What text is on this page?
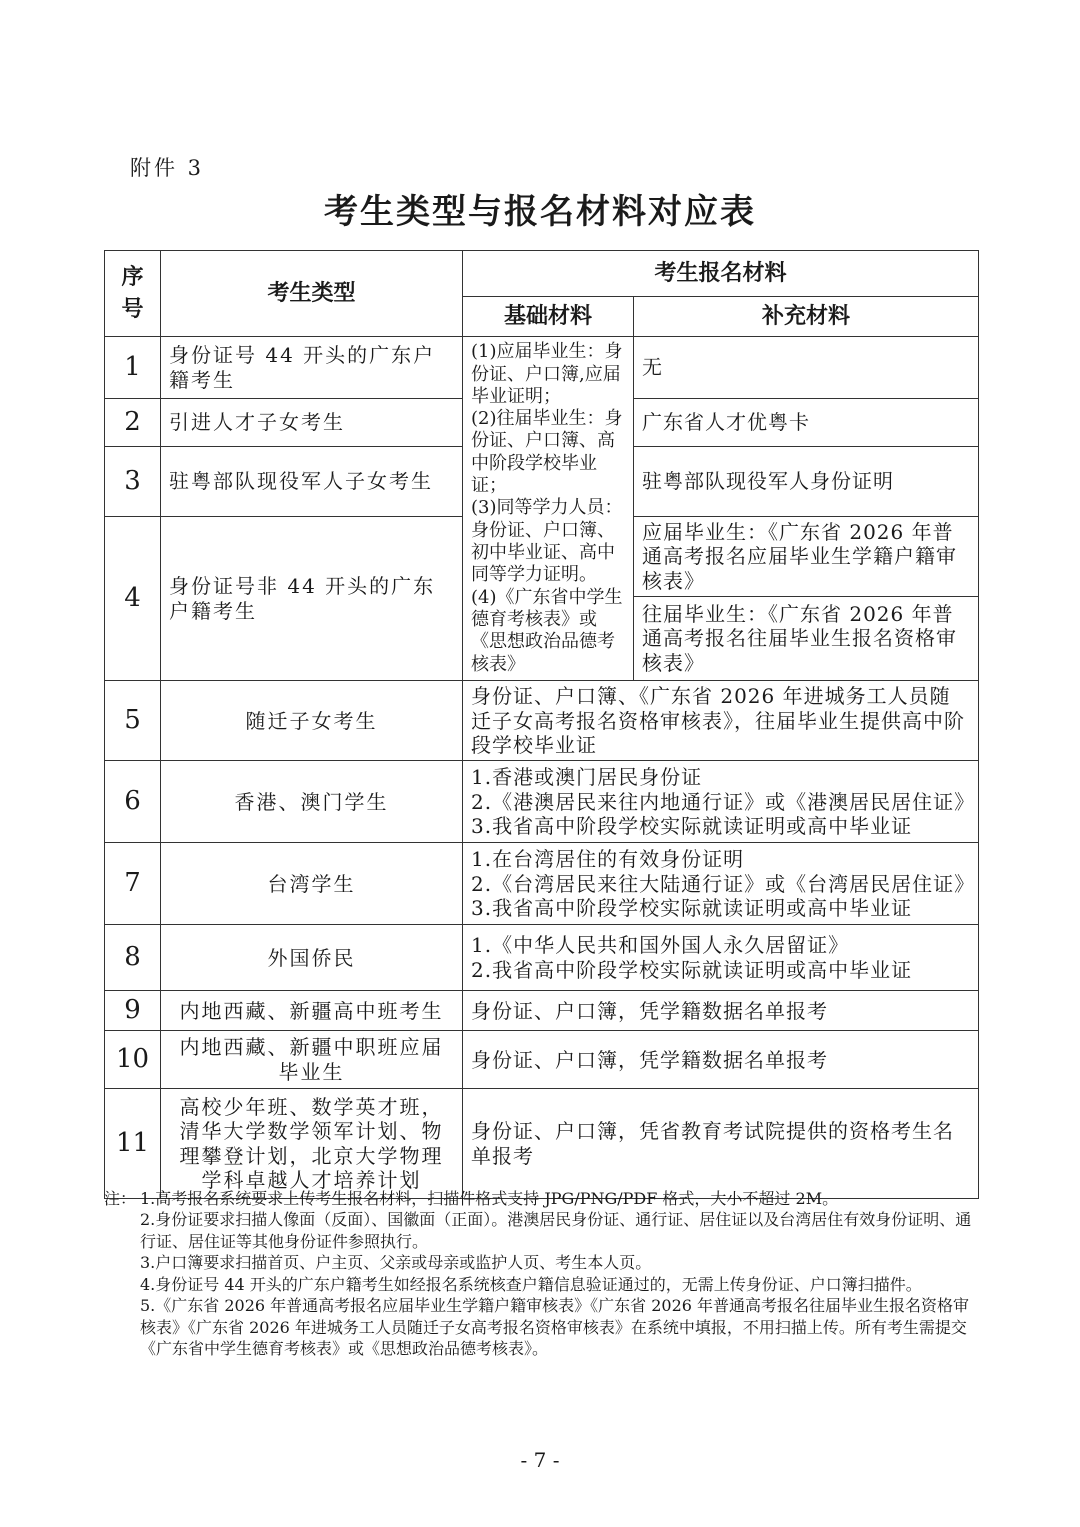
附件 3
考生类型与报名材料对应表
序
号	考生类型	考生报名材料	
		基础材料	补充材料
1	身份证号 44 开头的广东户籍考生	(1)应届毕业生：身份证、户口簿,应届毕业证明；
(2)往届毕业生：身份证、户口簿、高中阶段学校毕业证；
(3)同等学力人员：身份证、户口簿、初中毕业证、高中同等学力证明。
(4)《广东省中学生德育考核表》或《思想政治品德考核表》	无
2	引进人才子女考生		广东省人才优粤卡
3	驻粤部队现役军人子女考生		驻粤部队现役军人身份证明
4	身份证号非 44 开头的广东户籍考生		应届毕业生：《广东省 2026 年普通高考报名应届毕业生学籍户籍审核表》
			往届毕业生：《广东省 2026 年普通高考报名往届毕业生报名资格审核表》
5	随迁子女考生	身份证、户口簿、《广东省 2026 年进城务工人员随迁子女高考报名资格审核表》，往届毕业生提供高中阶段学校毕业证	

6	香港、澳门学生	1.香港或澳门居民身份证
2.《港澳居民来往内地通行证》或《港澳居民居住证》
3.我省高中阶段学校实际就读证明或高中毕业证	

7	台湾学生	1.在台湾居住的有效身份证明
2.《台湾居民来往大陆通行证》或《台湾居民居住证》
3.我省高中阶段学校实际就读证明或高中毕业证	

8	外国侨民	1.《中华人民共和国外国人永久居留证》
2.我省高中阶段学校实际就读证明或高中毕业证	

9	内地西藏、新疆高中班考生	身份证、户口簿，凭学籍数据名单报考	

10	内地西藏、新疆中职班应届毕业生	身份证、户口簿，凭学籍数据名单报考	

11	高校少年班、数学英才班，清华大学数学领军计划、物理攀登计划，北京大学物理学科卓越人才培养计划	身份证、户口簿，凭省教育考试院提供的资格考生名单报考	
注： 1.高考报名系统要求上传考生报名材料，扫描件格式支持 JPG/PNG/PDF 格式，大小不超过 2M。
2.身份证要求扫描人像面（反面）、国徽面（正面）。港澳居民身份证、通行证、居住证以及台湾居住有效身份证明、通行证、居住证等其他身份证件参照执行。
3.户口簿要求扫描首页、户主页、父亲或母亲或监护人页、考生本人页。
4.身份证号 44 开头的广东户籍考生如经报名系统核查户籍信息验证通过的，无需上传身份证、户口簿扫描件。
5.《广东省 2026 年普通高考报名应届毕业生学籍户籍审核表》《广东省 2026 年普通高考报名往届毕业生报名资格审核表》《广东省 2026 年进城务工人员随迁子女高考报名资格审核表》在系统中填报，不用扫描上传。所有考生需提交《广东省中学生德育考核表》或《思想政治品德考核表》。
- 7 -
